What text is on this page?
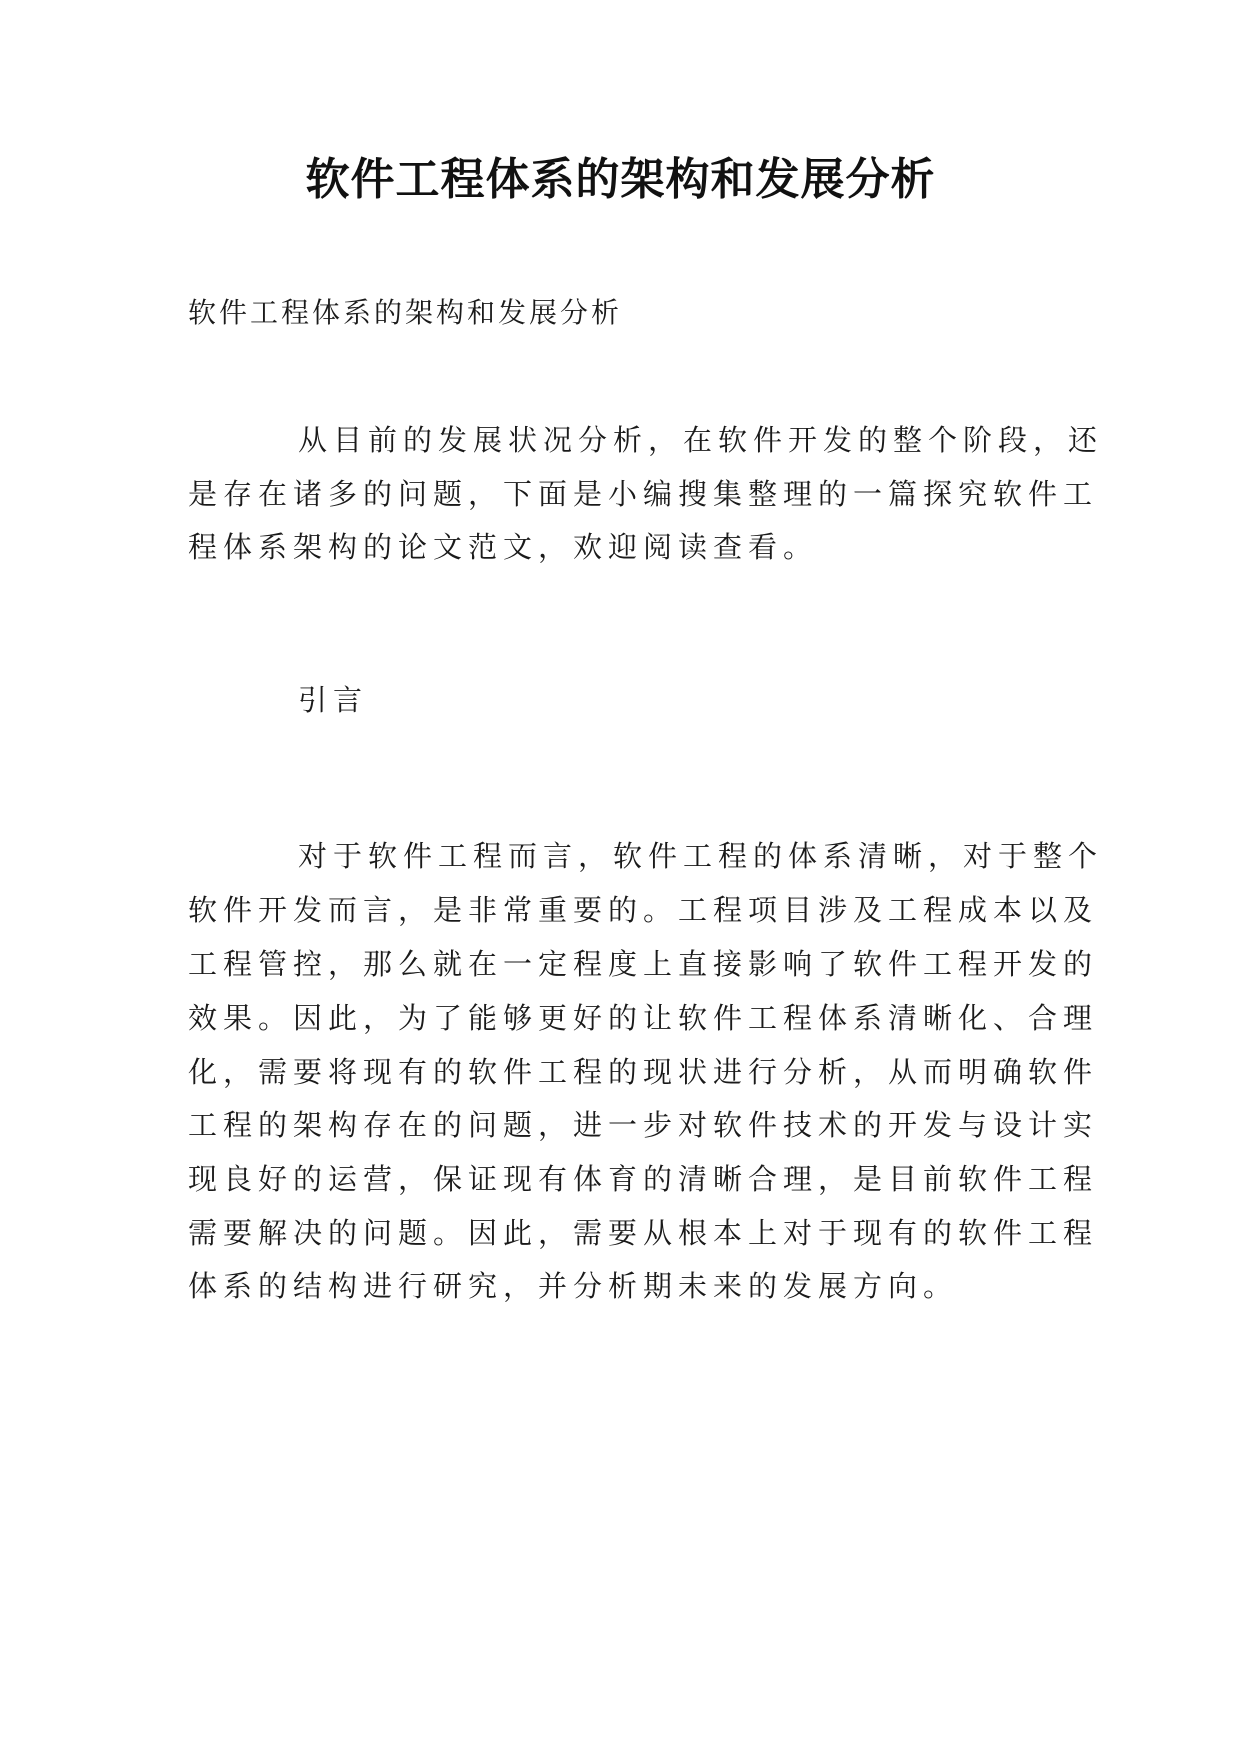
软件工程体系的架构和发展分析
软件工程体系的架构和发展分析
从目前的发展状况分析，在软件开发的整个阶段，还
是存在诸多的问题，下面是小编搜集整理的一篇探究软件工
程体系架构的论文范文，欢迎阅读查看。
引言
对于软件工程而言，软件工程的体系清晰，对于整个
软件开发而言，是非常重要的。工程项目涉及工程成本以及
工程管控，那么就在一定程度上直接影响了软件工程开发的
效果。因此，为了能够更好的让软件工程体系清晰化、合理
化，需要将现有的软件工程的现状进行分析，从而明确软件
工程的架构存在的问题，进一步对软件技术的开发与设计实
现良好的运营，保证现有体育的清晰合理，是目前软件工程
需要解决的问题。因此，需要从根本上对于现有的软件工程
体系的结构进行研究，并分析期未来的发展方向。
